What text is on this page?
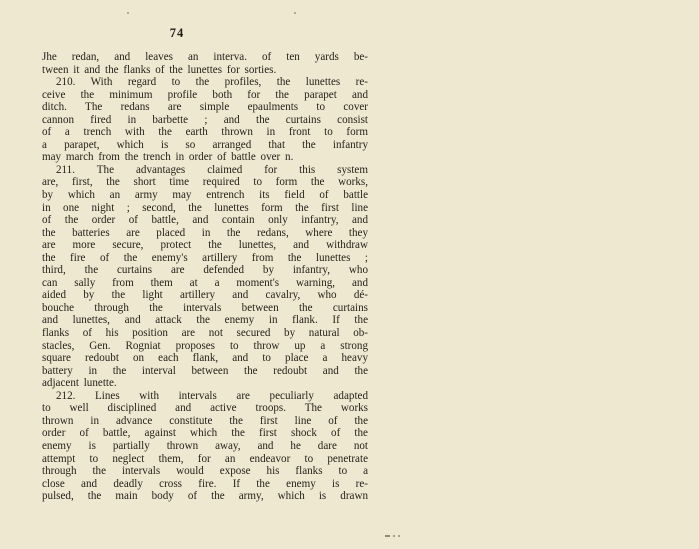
74
Jhe redan, and leaves an interva. of ten yards be-
tween it and the flanks of the lunettes for sorties.
210. With regard to the profiles, the lunettes re-
ceive the minimum profile both for the parapet and
ditch. The redans are simple epaulments to cover
cannon fired in barbette ; and the curtains consist
of a trench with the earth thrown in front to form
a parapet, which is so arranged that the infantry
may march from the trench in order of battle over n.
211. The advantages claimed for this system
are, first, the short time required to form the works,
by which an army may entrench its field of battle
in one night ; second, the lunettes form the first line
of the order of battle, and contain only infantry, and
the batteries are placed in the redans, where they
are more secure, protect the lunettes, and withdraw
the fire of the enemy's artillery from the lunettes ;
third, the curtains are defended by infantry, who
can sally from them at a moment's warning, and
aided by the light artillery and cavalry, who dé-
bouche through the intervals between the curtains
and lunettes, and attack the enemy in flank. If the
flanks of his position are not secured by natural ob-
stacles, Gen. Rogniat proposes to throw up a strong
square redoubt on each flank, and to place a heavy
battery in the interval between the redoubt and the
adjacent lunette.
212. Lines with intervals are peculiarly adapted
to well disciplined and active troops. The works
thrown in advance constitute the first line of the
order of battle, against which the first shock of the
enemy is partially thrown away, and he dare not
attempt to neglect them, for an endeavor to penetrate
through the intervals would expose his flanks to a
close and deadly cross fire. If the enemy is re-
pulsed, the main body of the army, which is drawn
